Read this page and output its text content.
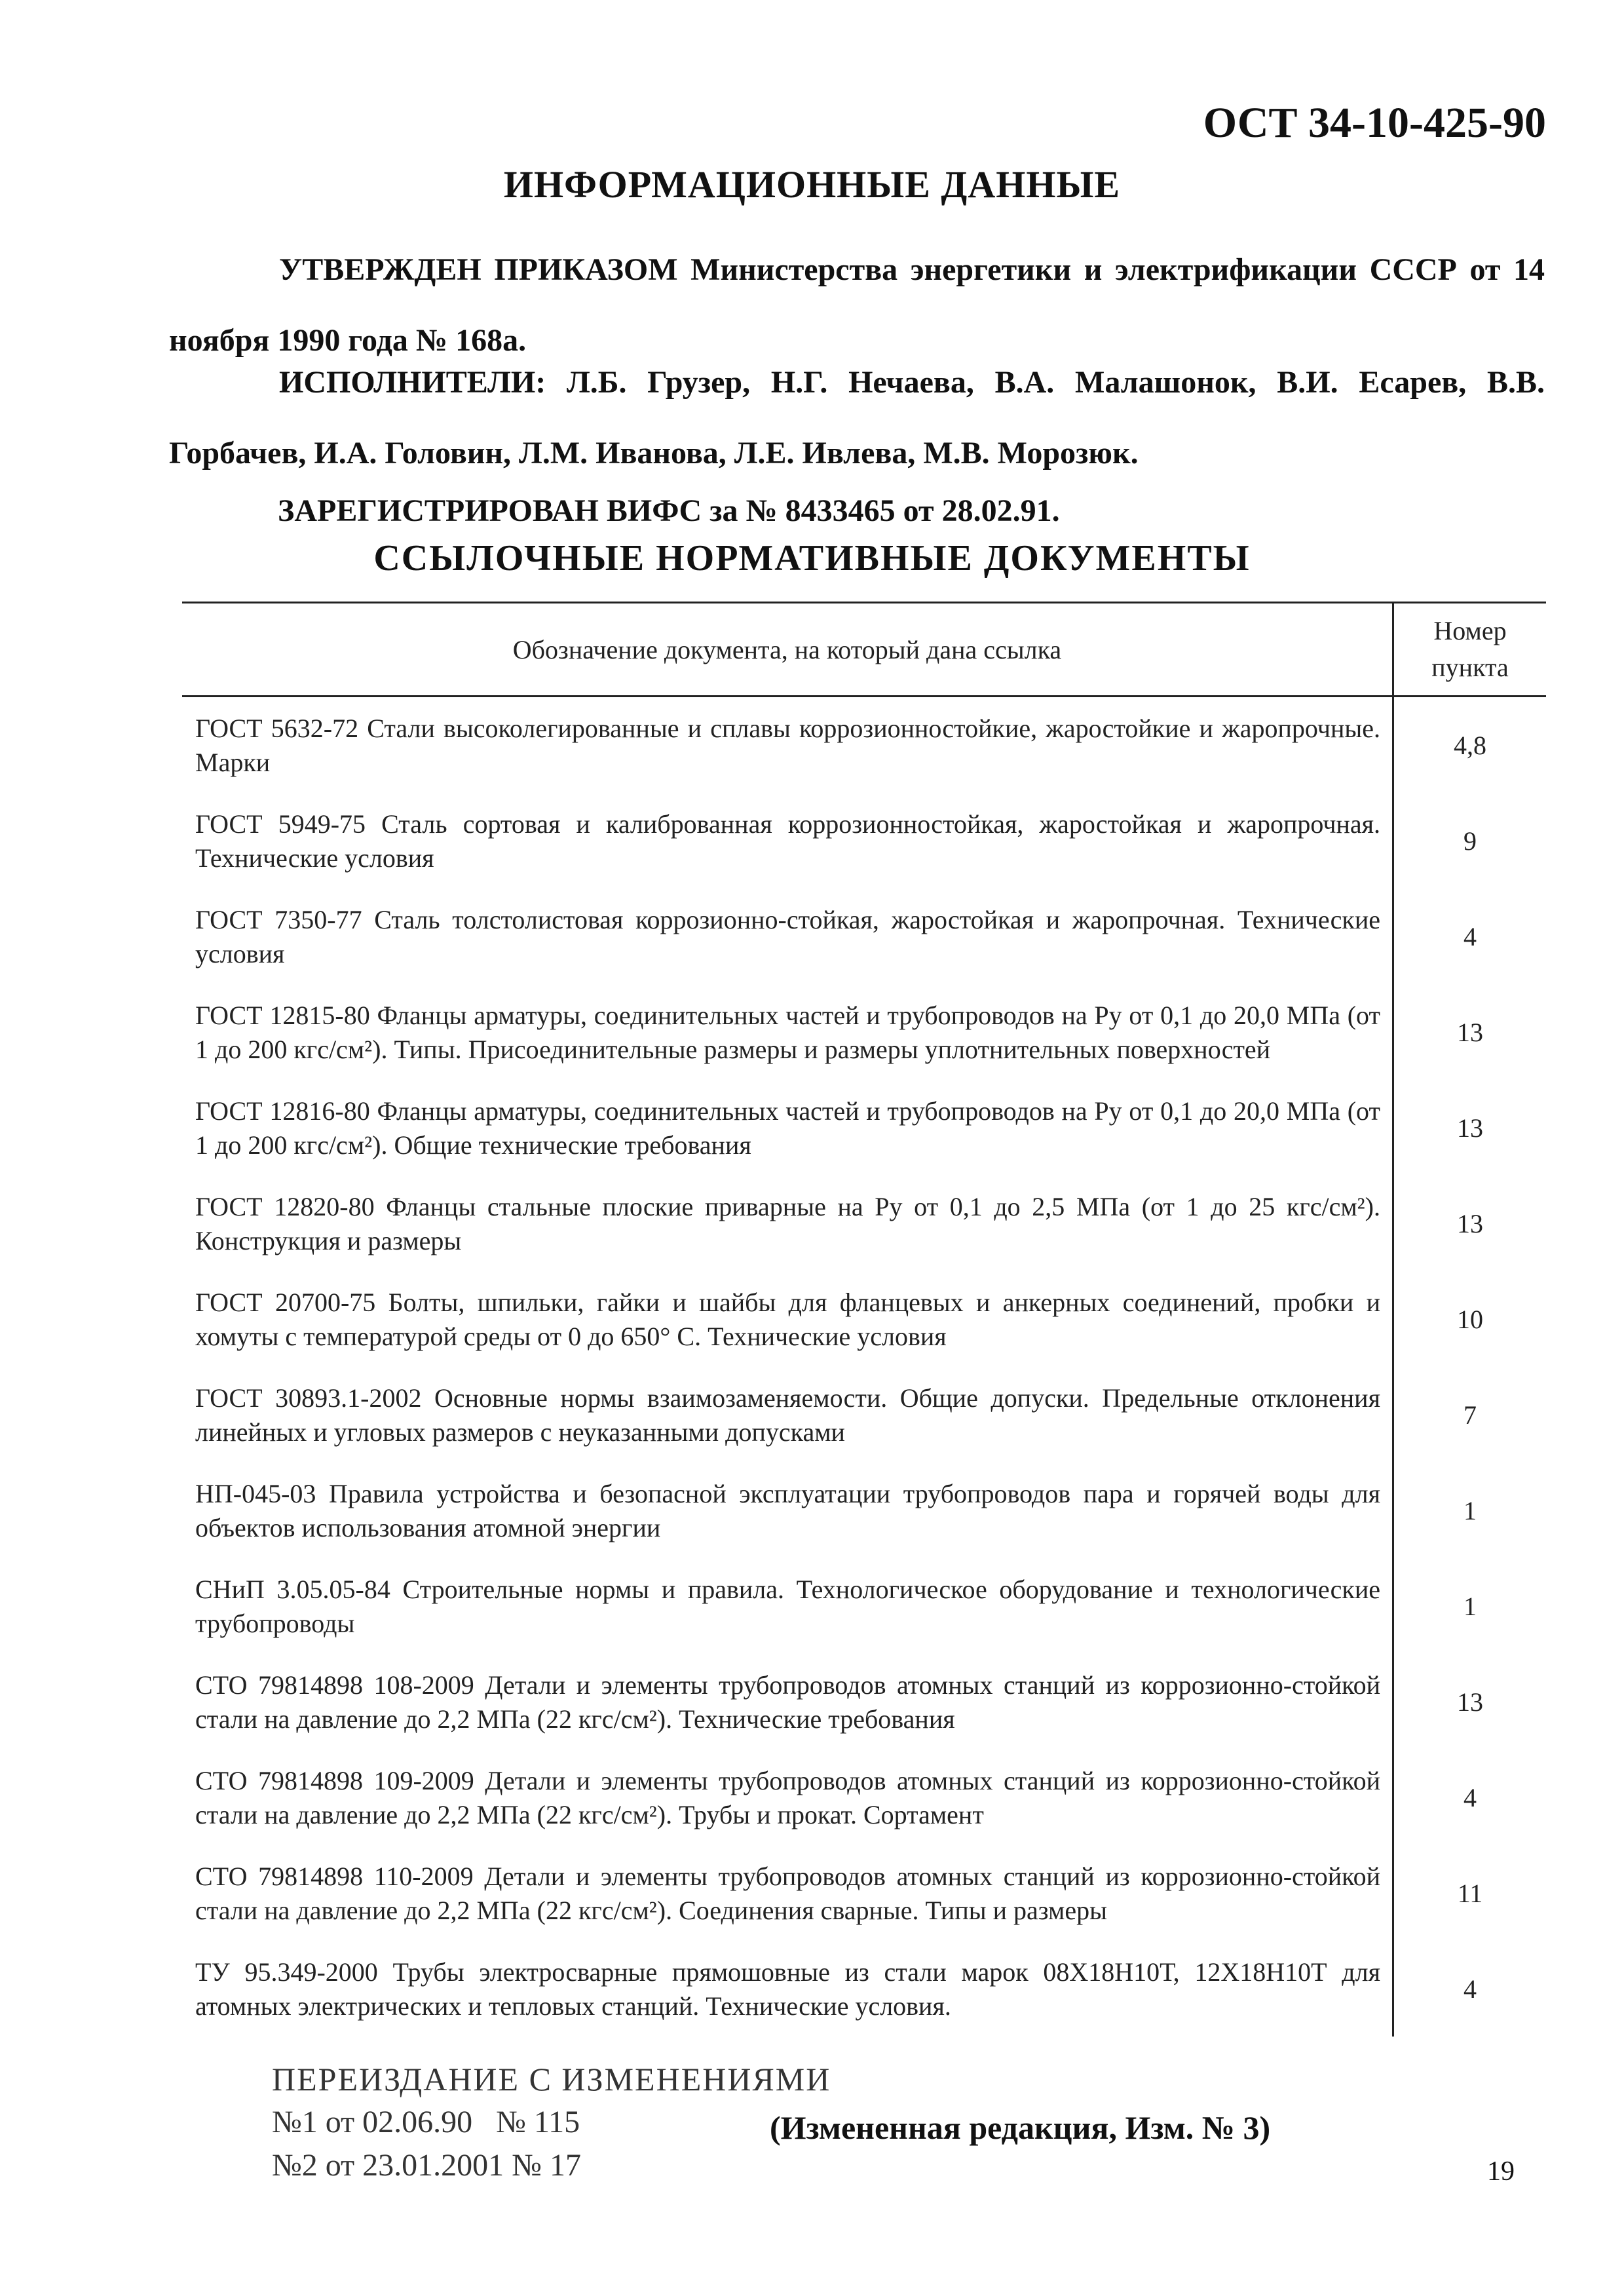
ОСТ 34-10-425-90
ИНФОРМАЦИОННЫЕ ДАННЫЕ
УТВЕРЖДЕН ПРИКАЗОМ Министерства энергетики и электрификации СССР от 14 ноября 1990 года № 168а.
ИСПОЛНИТЕЛИ: Л.Б. Грузер, Н.Г. Нечаева, В.А. Малашонок, В.И. Есарев, В.В. Горбачев, И.А. Головин, Л.М. Иванова, Л.Е. Ивлева, М.В. Морозюк.
ЗАРЕГИСТРИРОВАН ВИФС за № 8433465 от 28.02.91.
ССЫЛОЧНЫЕ НОРМАТИВНЫЕ ДОКУМЕНТЫ
Обозначение документа, на который дана ссылка	Номер пункта
ГОСТ 5632-72 Стали высоколегированные и сплавы коррозионностойкие, жаростойкие и жаропрочные. Марки	4,8
ГОСТ 5949-75 Сталь сортовая и калиброванная коррозионностойкая, жаростойкая и жаропрочная. Технические условия	9
ГОСТ 7350-77 Сталь толстолистовая коррозионно-стойкая, жаростойкая и жаропрочная. Технические условия	4
ГОСТ 12815-80 Фланцы арматуры, соединительных частей и трубопроводов на Ру от 0,1 до 20,0 МПа (от 1 до 200 кгс/см²). Типы. Присоединительные размеры и размеры уплотнительных поверхностей	13
ГОСТ 12816-80 Фланцы арматуры, соединительных частей и трубопроводов на Ру от 0,1 до 20,0 МПа (от 1 до 200 кгс/см²). Общие технические требования	13
ГОСТ 12820-80 Фланцы стальные плоские приварные на Ру от 0,1 до 2,5 МПа (от 1 до 25 кгс/см²). Конструкция и размеры	13
ГОСТ 20700-75 Болты, шпильки, гайки и шайбы для фланцевых и анкерных соединений, пробки и хомуты с температурой среды от 0 до 650° С. Технические условия	10
ГОСТ 30893.1-2002 Основные нормы взаимозаменяемости. Общие допуски. Предельные отклонения линейных и угловых размеров с неуказанными допусками	7
НП-045-03 Правила устройства и безопасной эксплуатации трубопроводов пара и горячей воды для объектов использования атомной энергии	1
СНиП 3.05.05-84 Строительные нормы и правила. Технологическое оборудование и технологические трубопроводы	1
СТО 79814898 108-2009 Детали и элементы трубопроводов атомных станций из коррозионно-стойкой стали на давление до 2,2 МПа (22 кгс/см²). Технические требования	13
СТО 79814898 109-2009 Детали и элементы трубопроводов атомных станций из коррозионно-стойкой стали на давление до 2,2 МПа (22 кгс/см²). Трубы и прокат. Сортамент	4
СТО 79814898 110-2009 Детали и элементы трубопроводов атомных станций из коррозионно-стойкой стали на давление до 2,2 МПа (22 кгс/см²). Соединения сварные. Типы и размеры	11
ТУ 95.349-2000 Трубы электросварные прямошовные из стали марок 08Х18Н10Т, 12Х18Н10Т для атомных электрических и тепловых станций. Технические условия.	4
ПЕРЕИЗДАНИЕ С ИЗМЕНЕНИЯМИ
№1 от 02.06.90   № 115
№2 от 23.01.2001 № 17
(Измененная редакция, Изм. № 3)
19
